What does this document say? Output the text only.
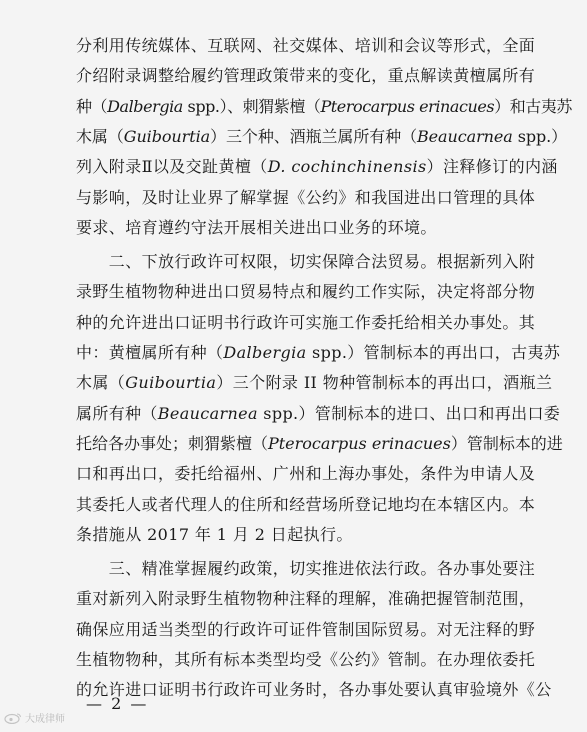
分利用传统媒体、互联网、社交媒体、培训和会议等形式，全面
介绍附录调整给履约管理政策带来的变化，重点解读黄檀属所有
种（Dalbergia spp.）、刺猬紫檀（Pterocarpus erinacues）和古夷苏
木属（Guibourtia）三个种、酒瓶兰属所有种（Beaucarnea spp.）
列入附录Ⅱ以及交趾黄檀（D. cochinchinensis）注释修订的内涵
与影响，及时让业界了解掌握《公约》和我国进出口管理的具体
要求、培育遵约守法开展相关进出口业务的环境。
　　二、下放行政许可权限，切实保障合法贸易。根据新列入附
录野生植物物种进出口贸易特点和履约工作实际，决定将部分物
种的允许进出口证明书行政许可实施工作委托给相关办事处。其
中：黄檀属所有种（Dalbergia spp.）管制标本的再出口，古夷苏
木属（Guibourtia）三个附录 II 物种管制标本的再出口，酒瓶兰
属所有种（Beaucarnea spp.）管制标本的进口、出口和再出口委
托给各办事处；刺猬紫檀（Pterocarpus erinacues）管制标本的进
口和再出口，委托给福州、广州和上海办事处，条件为申请人及
其委托人或者代理人的住所和经营场所登记地均在本辖区内。本
条措施从 2017 年 1 月 2 日起执行。
　　三、精准掌握履约政策，切实推进依法行政。各办事处要注
重对新列入附录野生植物物种注释的理解，准确把握管制范围，
确保应用适当类型的行政许可证件管制国际贸易。对无注释的野
生植物物种，其所有标本类型均受《公约》管制。在办理依委托
的允许进口证明书行政许可业务时，各办事处要认真审验境外《公
— 2 —
大成律师
